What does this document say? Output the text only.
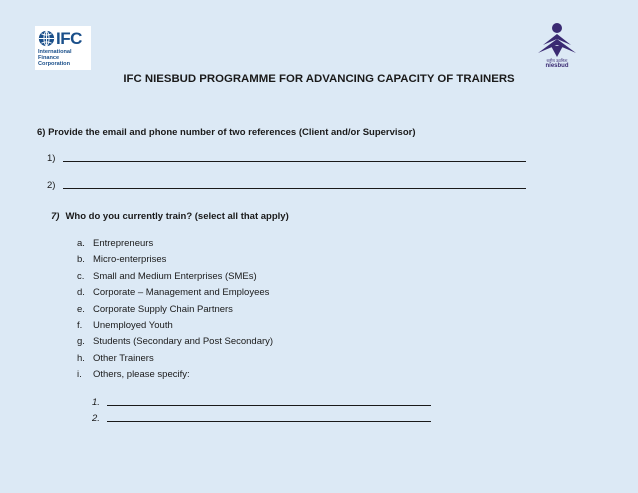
IFC
International
Finance
Corporation
राष्ट्रीय उद्यमिता
niesbud
IFC NIESBUD PROGRAMME FOR ADVANCING CAPACITY OF TRAINERS
6) Provide the email and phone number of two references (Client and/or Supervisor)
1)
2)
7) Who do you currently train? (select all that apply)
a. Entrepreneurs
b. Micro-enterprises
c. Small and Medium Enterprises (SMEs)
d. Corporate – Management and Employees
e. Corporate Supply Chain Partners
f. Unemployed Youth
g. Students (Secondary and Post Secondary)
h. Other Trainers
i. Others, please specify:
1.
2.
